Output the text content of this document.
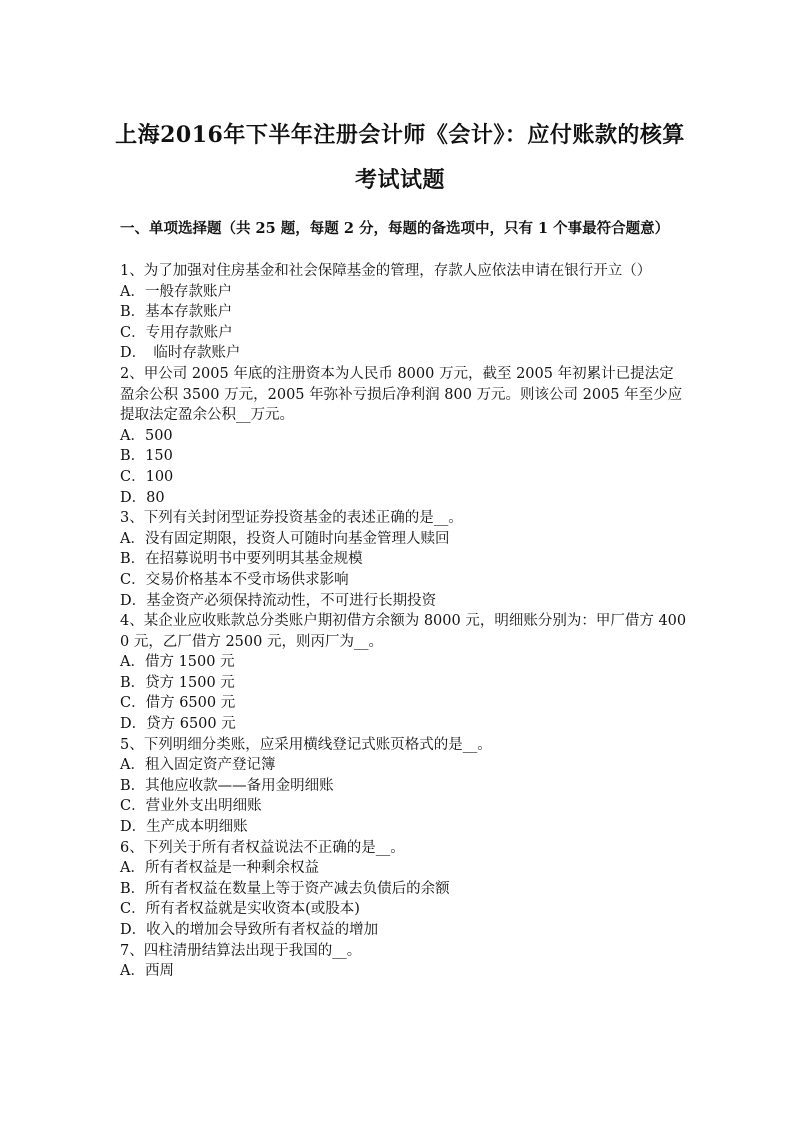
上海2016年下半年注册会计师《会计》：应付账款的核算
考试试题
一、单项选择题（共 25 题，每题 2 分，每题的备选项中，只有 1 个事最符合题意）

1、为了加强对住房基金和社会保障基金的管理，存款人应依法申请在银行开立（）

A．一般存款账户

B．基本存款账户

C．专用存款账户

D．　临时存款账户

2、甲公司 2005 年底的注册资本为人民币 8000 万元，截至 2005 年初累计已提法定盈余公积 3500 万元，2005 年弥补亏损后净利润 800 万元。则该公司 2005 年至少应提取法定盈余公积__万元。

A．500

B．150

C．100

D．80

3、下列有关封闭型证券投资基金的表述正确的是__。

A．没有固定期限，投资人可随时向基金管理人赎回

B．在招募说明书中要列明其基金规模

C．交易价格基本不受市场供求影响

D．基金资产必须保持流动性，不可进行长期投资

4、某企业应收账款总分类账户期初借方余额为 8000 元，明细账分别为：甲厂借方 4000 元，乙厂借方 2500 元，则丙厂为__。

A．借方 1500 元

B．贷方 1500 元

C．借方 6500 元

D．贷方 6500 元

5、下列明细分类账，应采用横线登记式账页格式的是__。

A．租入固定资产登记簿

B．其他应收款——备用金明细账

C．营业外支出明细账

D．生产成本明细账

6、下列关于所有者权益说法不正确的是__。

A．所有者权益是一种剩余权益

B．所有者权益在数量上等于资产减去负债后的余额

C．所有者权益就是实收资本(或股本)

D．收入的增加会导致所有者权益的增加

7、四柱清册结算法出现于我国的__。

A．西周
